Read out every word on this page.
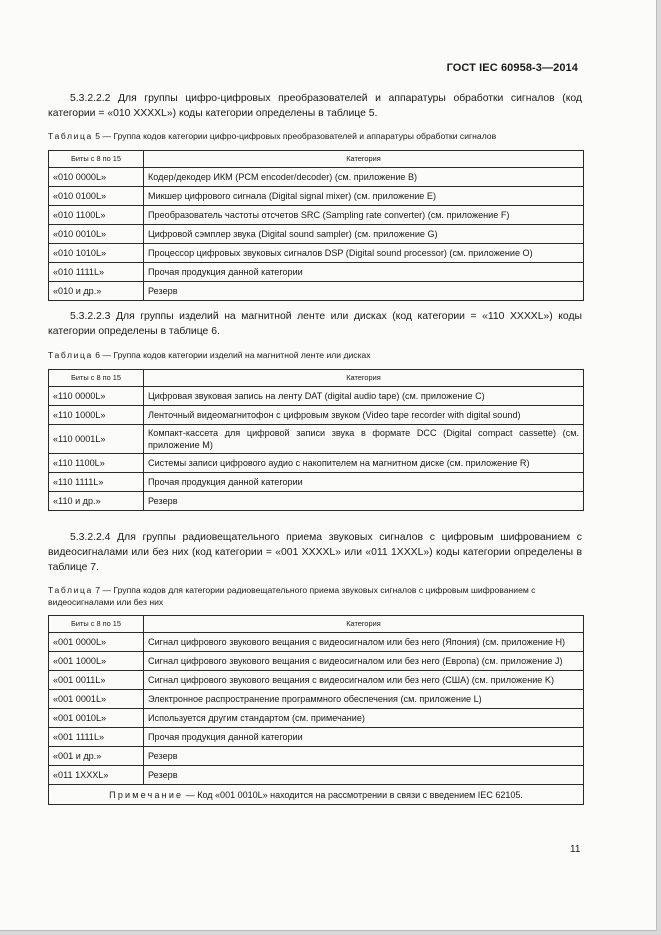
ГОСТ IEC 60958-3—2014

5.3.2.2.2 Для группы цифро-цифровых преобразователей и аппаратуры обработки сигналов (код категории = «010 XXXXL») коды категории определены в таблице 5.

Таблица 5 — Группа кодов категории цифро-цифровых преобразователей и аппаратуры обработки сигналов
Биты с 8 по 15	Категория
«010 0000L»	Кодер/декодер ИКМ (PCM encoder/decoder) (см. приложение B)
«010 0100L»	Микшер цифрового сигнала (Digital signal mixer) (см. приложение E)
«010 1100L»	Преобразователь частоты отсчетов SRC (Sampling rate converter) (см. приложение F)
«010 0010L»	Цифровой сэмплер звука (Digital sound sampler) (см. приложение G)
«010 1010L»	Процессор цифровых звуковых сигналов DSP (Digital sound processor) (см. приложение O)
«010 1111L»	Прочая продукция данной категории
«010 и др.»	Резерв

5.3.2.2.3 Для группы изделий на магнитной ленте или дисках (код категории = «110 XXXXL») коды категории определены в таблице 6.

Таблица 6 — Группа кодов категории изделий на магнитной ленте или дисках
Биты с 8 по 15	Категория
«110 0000L»	Цифровая звуковая запись на ленту DAT (digital audio tape) (см. приложение C)
«110 1000L»	Ленточный видеомагнитофон с цифровым звуком (Video tape recorder with digital sound)
«110 0001L»	Компакт-кассета для цифровой записи звука в формате DCC (Digital compact cassette) (см. приложение M)
«110 1100L»	Системы записи цифрового аудио с накопителем на магнитном диске (см. приложение R)
«110 1111L»	Прочая продукция данной категории
«110 и др.»	Резерв

5.3.2.2.4 Для группы радиовещательного приема звуковых сигналов с цифровым шифрованием с видеосигналами или без них (код категории = «001 XXXXL» или «011 1XXXL») коды категории определены в таблице 7.

Таблица 7 — Группа кодов для категории радиовещательного приема звуковых сигналов с цифровым шифрованием с видеосигналами или без них
Биты с 8 по 15	Категория
«001 0000L»	Сигнал цифрового звукового вещания с видеосигналом или без него (Япония) (см. приложение H)
«001 1000L»	Сигнал цифрового звукового вещания с видеосигналом или без него (Европа) (см. приложение J)
«001 0011L»	Сигнал цифрового звукового вещания с видеосигналом или без него (США) (см. приложение K)
«001 0001L»	Электронное распространение программного обеспечения (см. приложение L)
«001 0010L»	Используется другим стандартом (см. примечание)
«001 1111L»	Прочая продукция данной категории
«001 и др.»	Резерв
«011 1XXXL»	Резерв
Примечание — Код «001 0010L» находится на рассмотрении в связи с введением IEC 62105.	
11
